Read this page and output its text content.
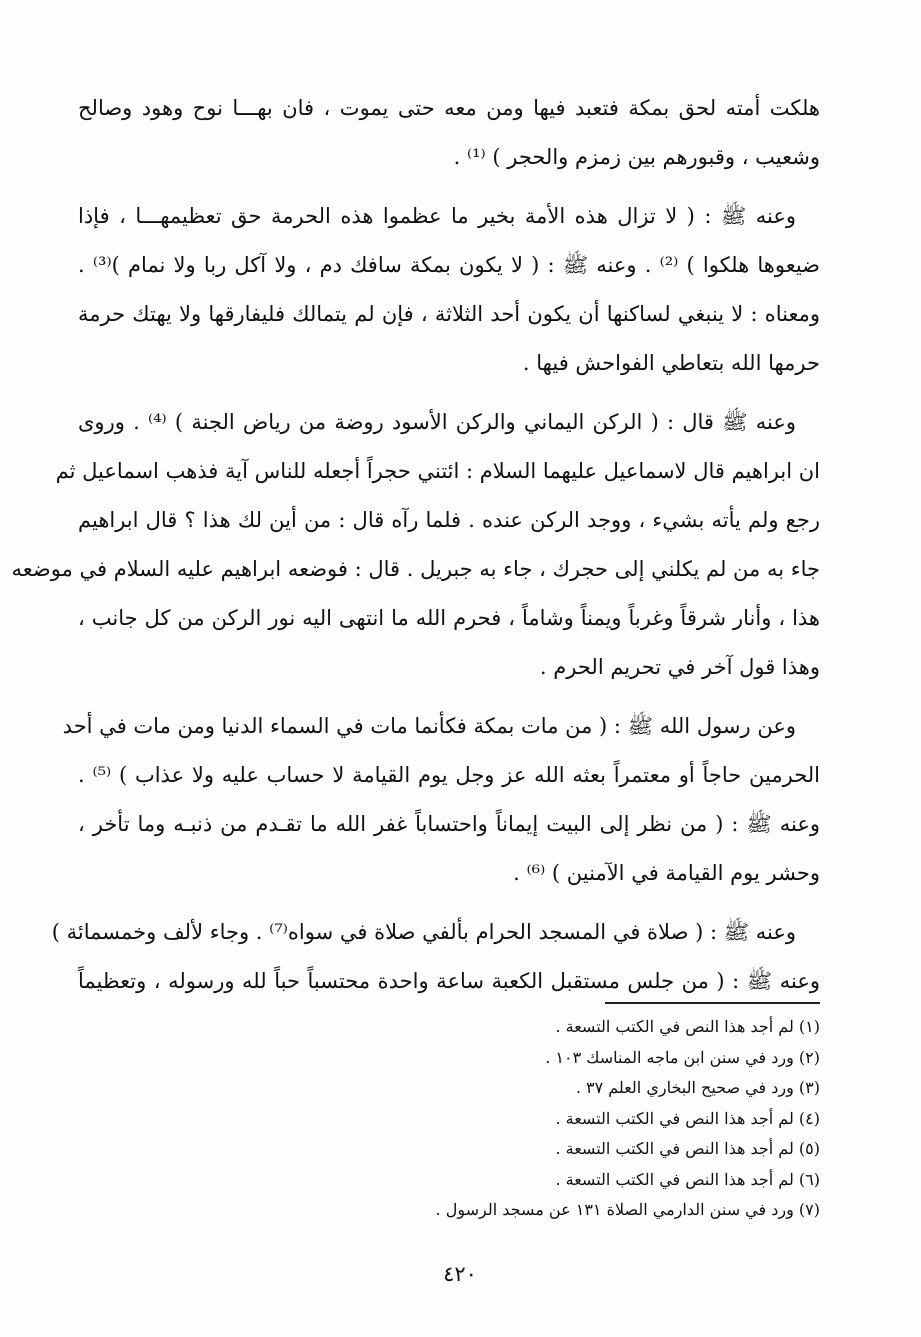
هلكت أمته لحق بمكة فتعبد فيها ومن معه حتى يموت ، فان بهـــا نوح وهود وصالح
وشعيب ، وقبورهم بين زمزم والحجر ) ⁽¹⁾ .
وعنه ﷺ : ( لا تزال هذه الأمة بخير ما عظموا هذه الحرمة حق تعظيمهـــا ، فإذا
ضيعوها هلكوا ) ⁽²⁾ . وعنه ﷺ : ( لا يكون بمكة سافك دم ، ولا آكل ربا ولا نمام )⁽³⁾ .
ومعناه : لا ينبغي لساكنها أن يكون أحد الثلاثة ، فإن لم يتمالك فليفارقها ولا يهتك حرمة
حرمها الله بتعاطي الفواحش فيها .
وعنه ﷺ قال : ( الركن اليماني والركن الأسود روضة من رياض الجنة ) ⁽⁴⁾ . وروى
ان ابراهيم قال لاسماعيل عليهما السلام : ائتني حجراً أجعله للناس آية فذهب اسماعيل ثم
رجع ولم يأته بشيء ، ووجد الركن عنده . فلما رآه قال : من أين لك هذا ؟ قال ابراهيم
جاء به من لم يكلني إلى حجرك ، جاء به جبريل . قال : فوضعه ابراهيم عليه السلام في موضعه
هذا ، وأنار شرقاً وغرباً ويمناً وشاماً ، فحرم الله ما انتهى اليه نور الركن من كل جانب ،
وهذا قول آخر في تحريم الحرم .
وعن رسول الله ﷺ : ( من مات بمكة فكأنما مات في السماء الدنيا ومن مات في أحد
الحرمين حاجاً أو معتمراً بعثه الله عز وجل يوم القيامة لا حساب عليه ولا عذاب ) ⁽⁵⁾ .
وعنه ﷺ : ( من نظر إلى البيت إيماناً واحتساباً غفر الله ما تقـدم من ذنبـه وما تأخر ،
وحشر يوم القيامة في الآمنين ) ⁽⁶⁾ .
وعنه ﷺ : ( صلاة في المسجد الحرام بألفي صلاة في سواه⁽⁷⁾ . وجاء لألف وخمسمائة )
وعنه ﷺ : ( من جلس مستقبل الكعبة ساعة واحدة محتسباً حباً لله ورسوله ، وتعظيماً
(١) لم أجد هذا النص في الكتب التسعة .
(٢) ورد في سنن ابن ماجه المناسك ١٠٣ .
(٣) ورد في صحيح البخاري العلم ٣٧ .
(٤) لم أجد هذا النص في الكتب التسعة .
(٥) لم أجد هذا النص في الكتب التسعة .
(٦) لم أجد هذا النص في الكتب التسعة .
(٧) ورد في سنن الدارمي الصلاة ١٣١ عن مسجد الرسول .
٤٢٠
